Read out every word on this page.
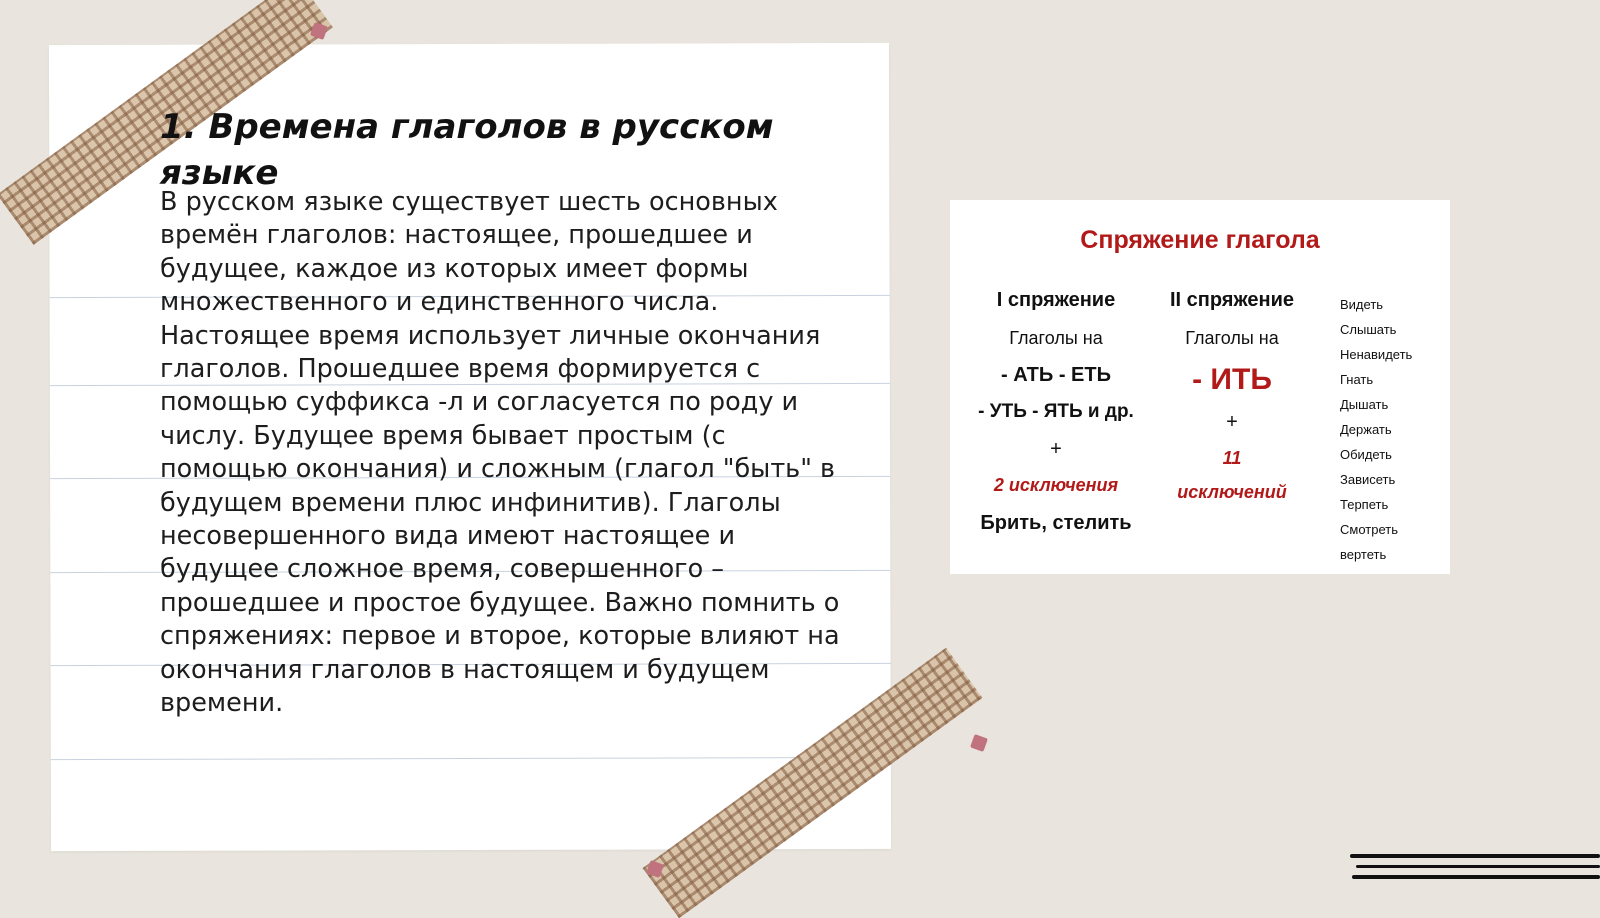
1. Времена глаголов в русском языке

В русском языке существует шесть основных времён глаголов: настоящее, прошедшее и будущее, каждое из которых имеет формы множественного и единственного числа. Настоящее время использует личные окончания глаголов. Прошедшее время формируется с помощью суффикса -л и согласуется по роду и числу. Будущее время бывает простым (с помощью окончания) и сложным (глагол "быть" в будущем времени плюс инфинитив). Глаголы несовершенного вида имеют настоящее и будущее сложное время, совершенного – прошедшее и простое будущее. Важно помнить о спряжениях: первое и второе, которые влияют на окончания глаголов в настоящем и будущем времени.

Спряжение глагола
I спряжение
Глаголы на
- АТЬ - ЕТЬ
- УТЬ - ЯТЬ и др.
+
2 исключения
Брить, стелить
II спряжение
Глаголы на
- ИТЬ
+
11
исключений
Видеть
Слышать
Ненавидеть
Гнать
Дышать
Держать
Обидеть
Зависеть
Терпеть
Смотреть
вертеть
